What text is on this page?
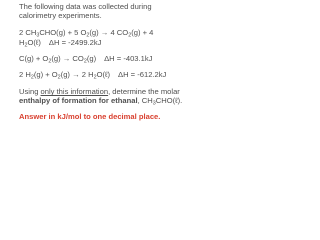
The following data was collected during
calorimetry experiments.
2 $CH_3CHO(g) + 5$ $O_2(g) \to 4$ $CO_2(g) + 4$
$H_2O(\ell) \Delta H = -2499.2kJ$
$C(g) + O_2(g) \to CO_2(g) \Delta H = -403.1kJ$
2 $H_2(g) + O_2(g) \to 2$ $H_2O(\ell) \Delta H = -612.2kJ$
Using only this information, determine the molar
enthalpy of formation for ethanal, $CH_3CHO(\ell)$.
Answer in kJ/mol to one decimal place.
